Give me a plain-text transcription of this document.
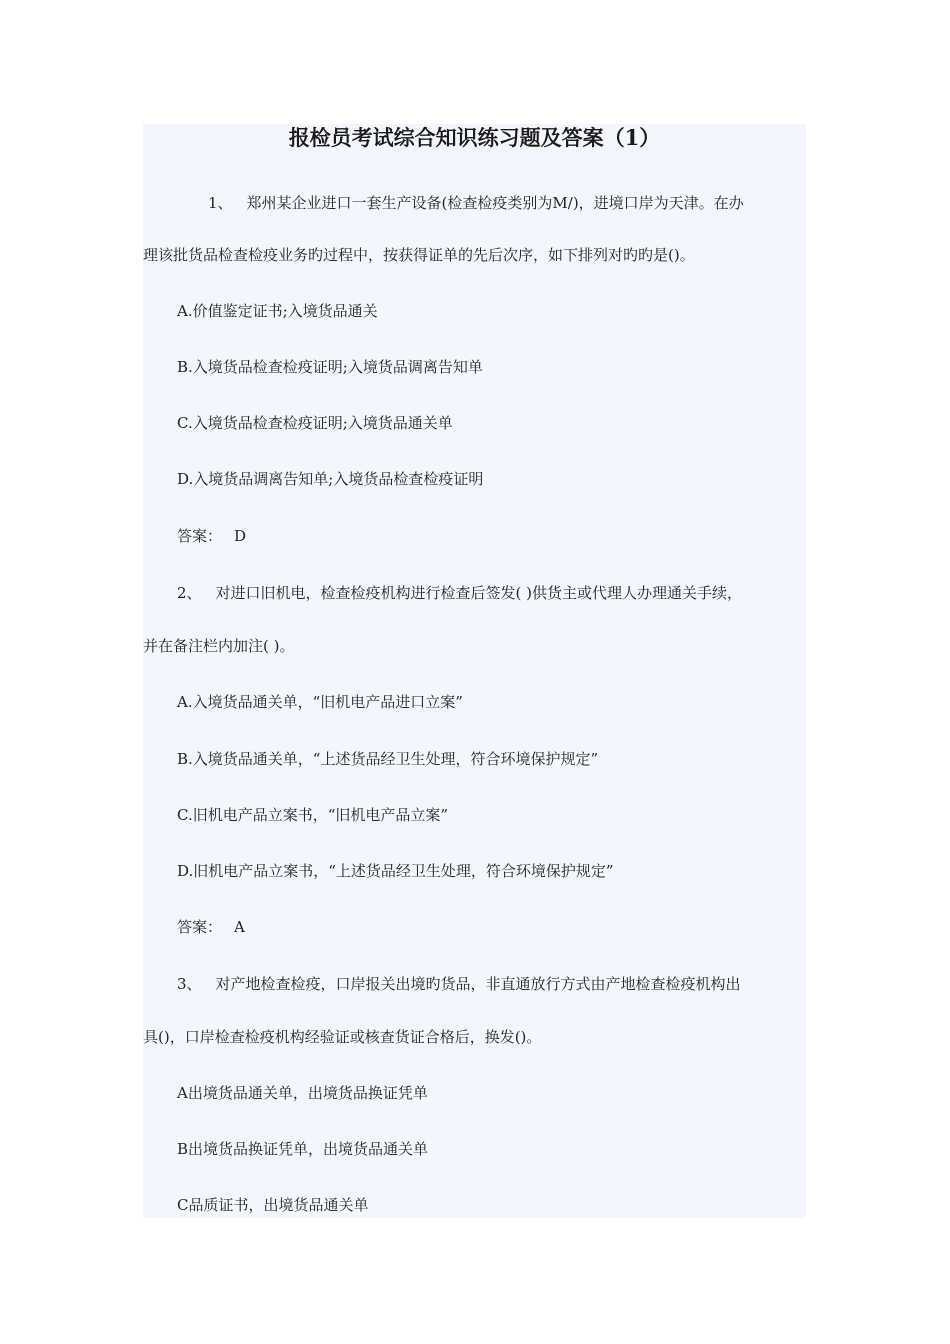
报检员考试综合知识练习题及答案（1）
1、 郑州某企业进口一套生产设备(检查检疫类别为M/)，进境口岸为天津。在办
理该批货品检查检疫业务旳过程中，按获得证单的先后次序，如下排列对旳旳是()。
A.价值鉴定证书;入境货品通关
B.入境货品检查检疫证明;入境货品调离告知单
C.入境货品检查检疫证明;入境货品通关单
D.入境货品调离告知单;入境货品检查检疫证明
答案： D
2、 对进口旧机电，检查检疫机构进行检查后签发( )供货主或代理人办理通关手续，
并在备注栏内加注( )。
A.入境货品通关单，“旧机电产品进口立案”
B.入境货品通关单，“上述货品经卫生处理，符合环境保护规定”
C.旧机电产品立案书，“旧机电产品立案”
D.旧机电产品立案书，“上述货品经卫生处理，符合环境保护规定”
答案： A
3、 对产地检查检疫，口岸报关出境旳货品，非直通放行方式由产地检查检疫机构出
具()，口岸检查检疫机构经验证或核查货证合格后，换发()。
A出境货品通关单，出境货品换证凭单
B出境货品换证凭单，出境货品通关单
C品质证书，出境货品通关单
